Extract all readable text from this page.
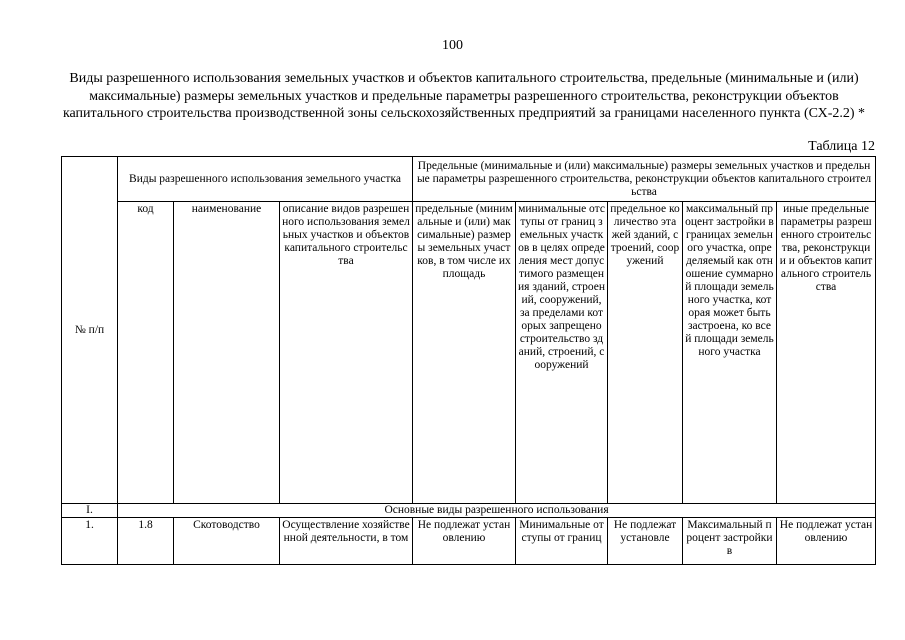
100
Виды разрешенного использования земельных участков и объектов капитального строительства, предельные (минимальные и (или) максимальные) размеры земельных участков и предельные параметры разрешенного строительства, реконструкции объектов капитального строительства производственной зоны сельскохозяйственных предприятий за границами населенного пункта (СХ-2.2) *
Таблица 12
№ п/п	Виды разрешенного использования земельного участка			Предельные (минимальные и (или) максимальные) размеры земельных участков и предельные параметры разрешенного строительства, реконструкции объектов капитального строительства				
	код	наименование	описание видов разрешенного использования земельных участков и объектов капитального строительства	предельные (минимальные и (или) максимальные) размеры земельных участков, в том числе их площадь	минимальные отступы от границ земельных участков в целях определения мест допустимого размещения зданий, строений, сооружений, за пределами которых запрещено строительство зданий, строений, сооружений	предельное количество этажей зданий, строений, сооружений	максимальный процент застройки в границах земельного участка, определяемый как отношение суммарной площади земельного участка, которая может быть застроена, ко всей площади земельного участка	иные предельные параметры разрешенного строительства, реконструкции и объектов капитального строительства
I.	Основные виды разрешенного использования							
1.	1.8	Скотоводство	Осуществление хозяйственной деятельности, в том	Не подлежат установлению	Минимальные отступы от границ	Не подлежат установле	Максимальный процент застройки в	Не подлежат установлению
